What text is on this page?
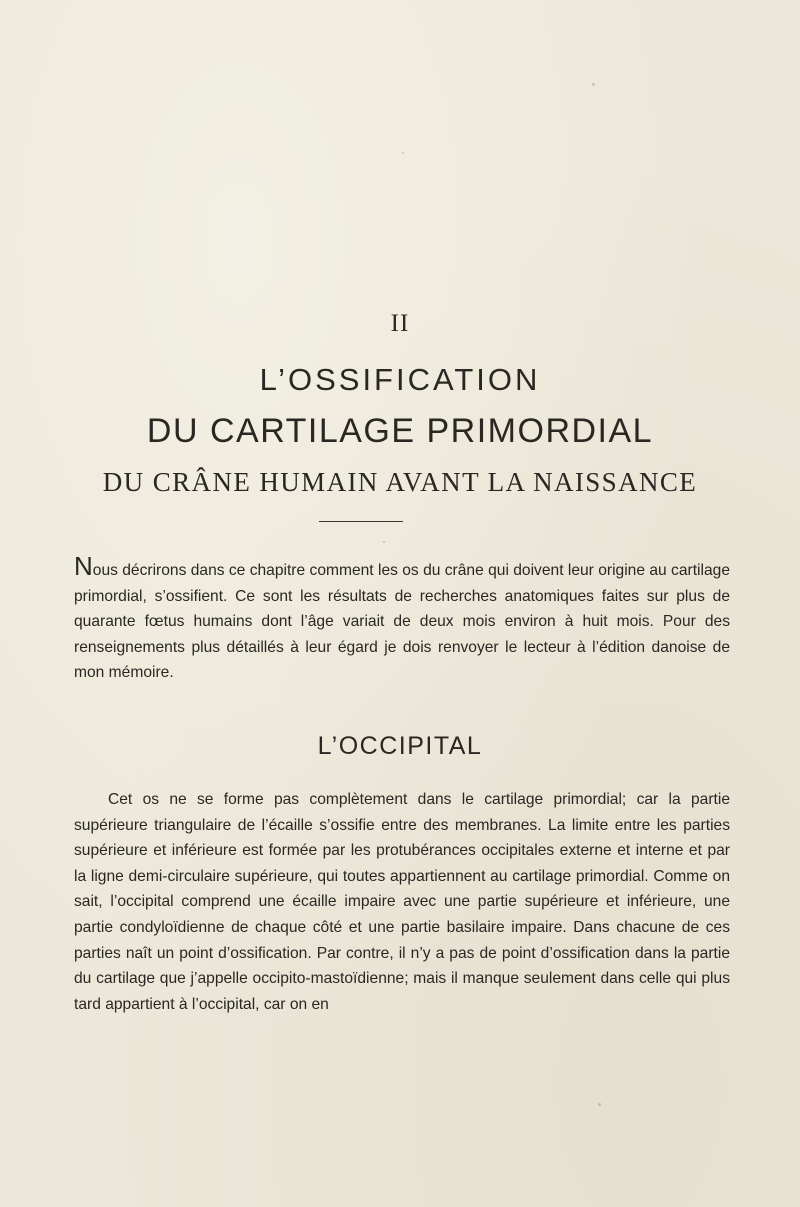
II
L’OSSIFICATION
DU CARTILAGE PRIMORDIAL
DU CRÂNE HUMAIN AVANT LA NAISSANCE

Nous décrirons dans ce chapitre comment les os du crâne qui doivent leur origine au cartilage primordial, s’ossifient. Ce sont les résultats de recherches anatomiques faites sur plus de quarante fœtus humains dont l’âge variait de deux mois environ à huit mois. Pour des renseignements plus détaillés à leur égard je dois renvoyer le lecteur à l’édition danoise de mon mémoire.

L’OCCIPITAL

Cet os ne se forme pas complètement dans le cartilage primordial; car la partie supérieure triangulaire de l’écaille s’ossifie entre des membranes. La limite entre les parties supérieure et inférieure est formée par les protubérances occipitales externe et interne et par la ligne demi-circulaire supérieure, qui toutes appartiennent au cartilage primordial. Comme on sait, l’occipital comprend une écaille impaire avec une partie supérieure et inférieure, une partie condyloïdienne de chaque côté et une partie basilaire impaire. Dans chacune de ces parties naît un point d’ossification. Par contre, il n’y a pas de point d’ossification dans la partie du cartilage que j’appelle occipito-mastoïdienne; mais il manque seulement dans celle qui plus tard appartient à l’occipital, car on en
